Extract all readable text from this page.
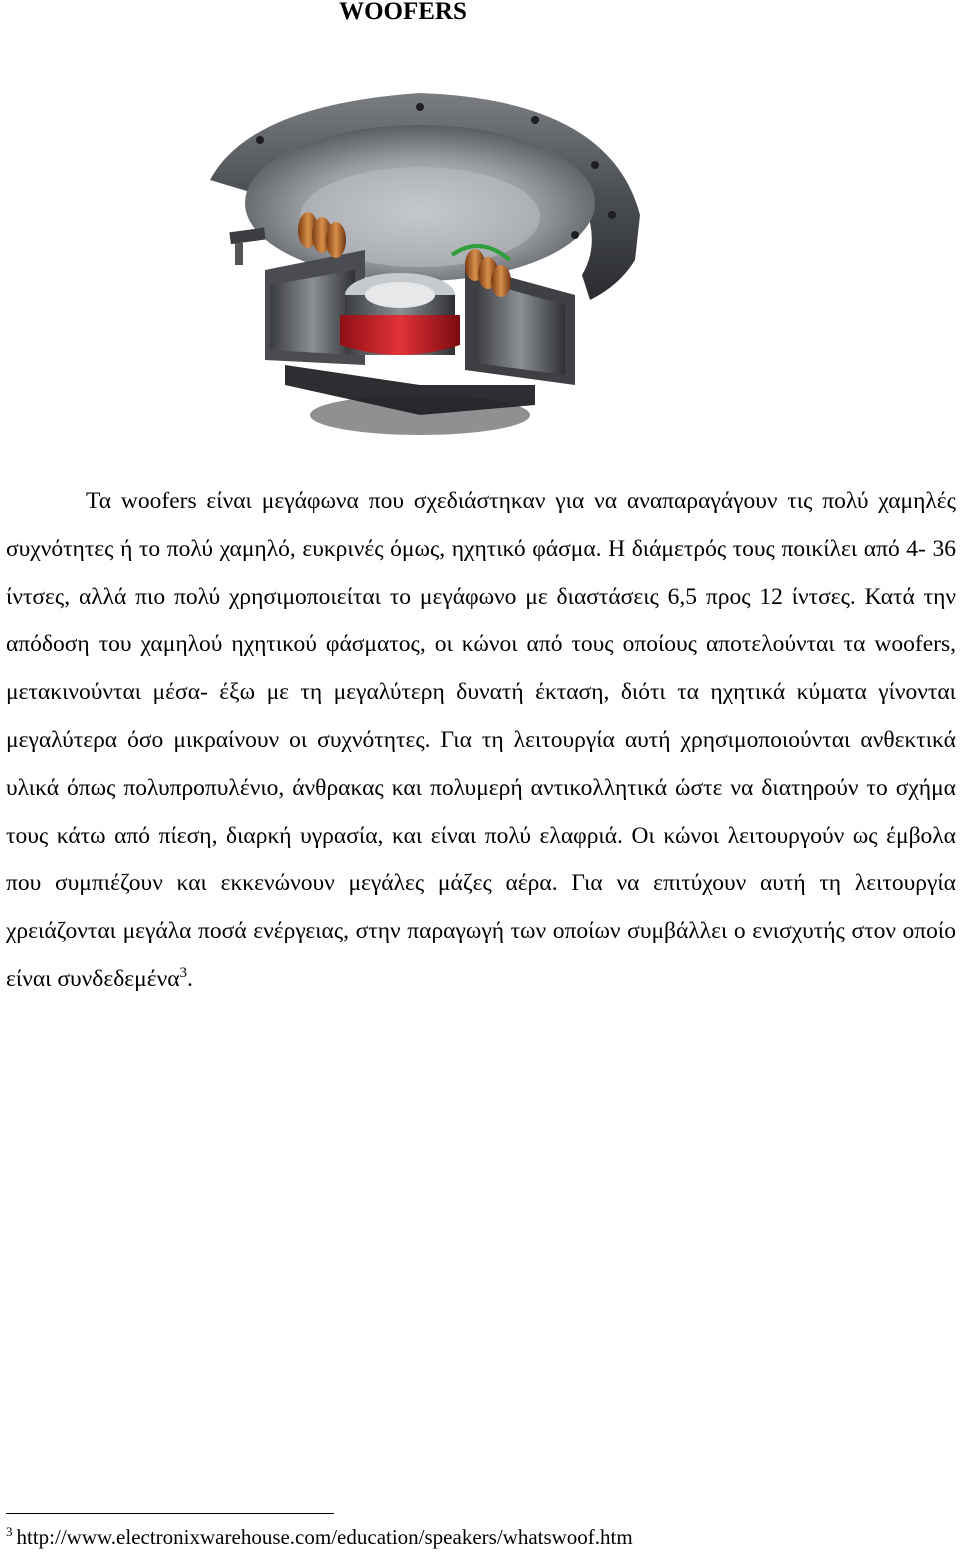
WOOFERS

Τα woofers είναι μεγάφωνα που σχεδιάστηκαν για να αναπαραγάγουν τις πολύ χαμηλές συχνότητες ή το πολύ χαμηλό, ευκρινές όμως, ηχητικό φάσμα. Η διάμετρός τους ποικίλει από 4- 36 ίντσες, αλλά πιο πολύ χρησιμοποιείται το μεγάφωνο με διαστάσεις 6,5 προς 12 ίντσες. Κατά την απόδοση του χαμηλού ηχητικού φάσματος, οι κώνοι από τους οποίους αποτελούνται τα woofers, μετακινούνται μέσα- έξω με τη μεγαλύτερη δυνατή έκταση, διότι τα ηχητικά κύματα γίνονται μεγαλύτερα όσο μικραίνουν οι συχνότητες. Για τη λειτουργία αυτή χρησιμοποιούνται ανθεκτικά υλικά όπως πολυπροπυλένιο, άνθρακας και πολυμερή αντικολλητικά ώστε να διατηρούν το σχήμα τους κάτω από πίεση, διαρκή υγρασία, και είναι πολύ ελαφριά. Οι κώνοι λειτουργούν ως έμβολα που συμπιέζουν και εκκενώνουν μεγάλες μάζες αέρα. Για να επιτύχουν αυτή τη λειτουργία χρειάζονται μεγάλα ποσά ενέργειας, στην παραγωγή των οποίων συμβάλλει ο ενισχυτής στον οποίο είναι συνδεδεμένα$^3$.

$^3$ http://www.electronixwarehouse.com/education/speakers/whatswoof.htm
